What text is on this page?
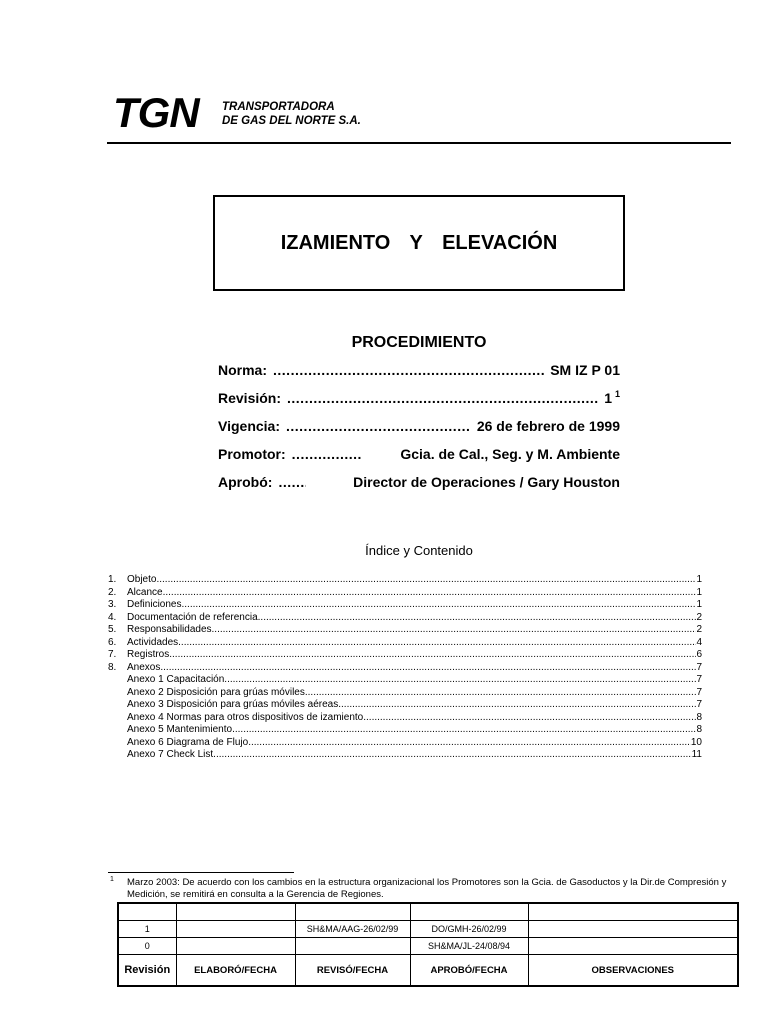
TGN TRANSPORTADORA
DE GAS DEL NORTE S.A.
IZAMIENTO Y ELEVACIÓN
PROCEDIMIENTO
Norma: .....	SM IZ P 01
Revisión: .....	1 $^1$
Vigencia: .....	26 de febrero de 1999
Promotor: .....	Gcia. de Cal., Seg. y M. Ambiente
Aprobó: .....	Director de Operaciones / Gary Houston
Índice y Contenido
1.	Objeto .....	1
2.	Alcance .....	1
3.	Definiciones .....	1
4.	Documentación de referencia .....	2
5.	Responsabilidades .....	2
6.	Actividades .....	4
7.	Registros .....	6
8.	Anexos .....	7
Anexo 1 Capacitación .....	7
Anexo 2 Disposición para grúas móviles .....	7
Anexo 3 Disposición para grúas móviles aéreas .....	7
Anexo 4 Normas para otros dispositivos de izamiento .....	8
Anexo 5 Mantenimiento .....	8
Anexo 6 Diagrama de Flujo .....	10
Anexo 7 Check List .....	11
1 Marzo 2003: De acuerdo con los cambios en la estructura organizacional los Promotores son la Gcia. de Gasoductos y la Dir.de Compresión y Medición, se remitirá en consulta a la Gerencia de Regiones.

1		SH&MA/AAG-26/02/99	DO/GMH-26/02/99	
0			SH&MA/JL-24/08/94	
Revisión	ELABORÓ/FECHA	REVISÓ/FECHA	APROBÓ/FECHA	OBSERVACIONES
